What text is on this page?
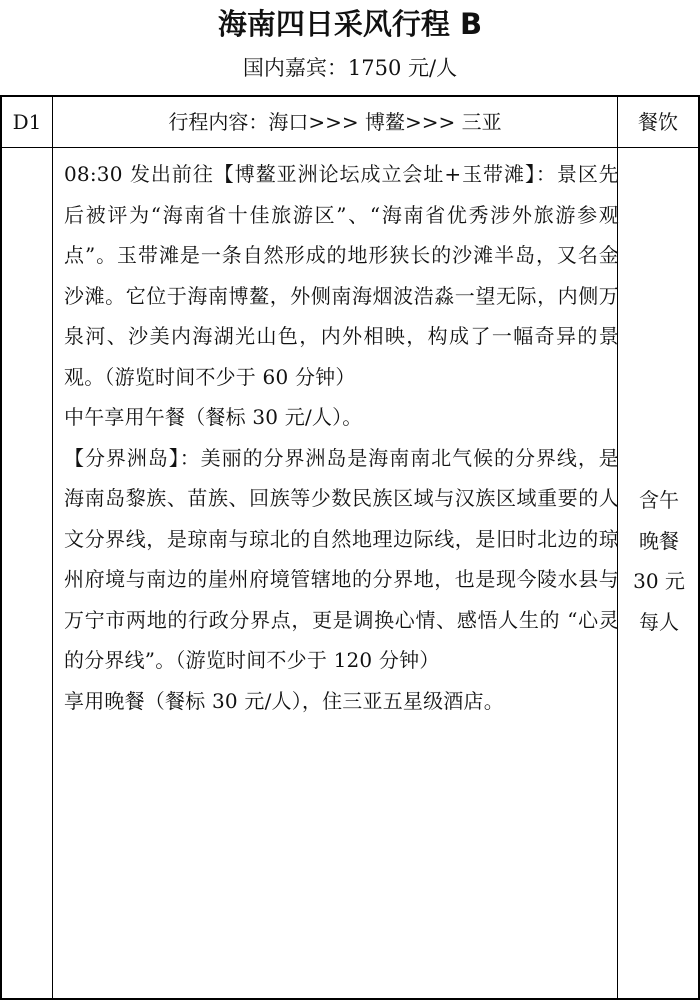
海南四日采风行程 B
国内嘉宾：1750 元/人
D1	行程内容：海口>>> 博鳌>>> 三亚	餐饮

08:30 发出前往【博鳌亚洲论坛成立会址+玉带滩】：景区先后被评为“海南省十佳旅游区”、“海南省优秀涉外旅游参观点”。玉带滩是一条自然形成的地形狭长的沙滩半岛，又名金沙滩。它位于海南博鳌，外侧南海烟波浩淼一望无际，内侧万泉河、沙美内海湖光山色，内外相映，构成了一幅奇异的景观。（游览时间不少于 60 分钟）

中午享用午餐（餐标 30 元/人）。

【分界洲岛】：美丽的分界洲岛是海南南北气候的分界线，是海南岛黎族、苗族、回族等少数民族区域与汉族区域重要的人文分界线，是琼南与琼北的自然地理边际线，是旧时北边的琼州府境与南边的崖州府境管辖地的分界地，也是现今陵水县与万宁市两地的行政分界点，更是调换心情、感悟人生的 “心灵的分界线”。（游览时间不少于 120 分钟）

享用晚餐（餐标 30 元/人），住三亚五星级酒店。

含午
晚餐
30 元
每人
